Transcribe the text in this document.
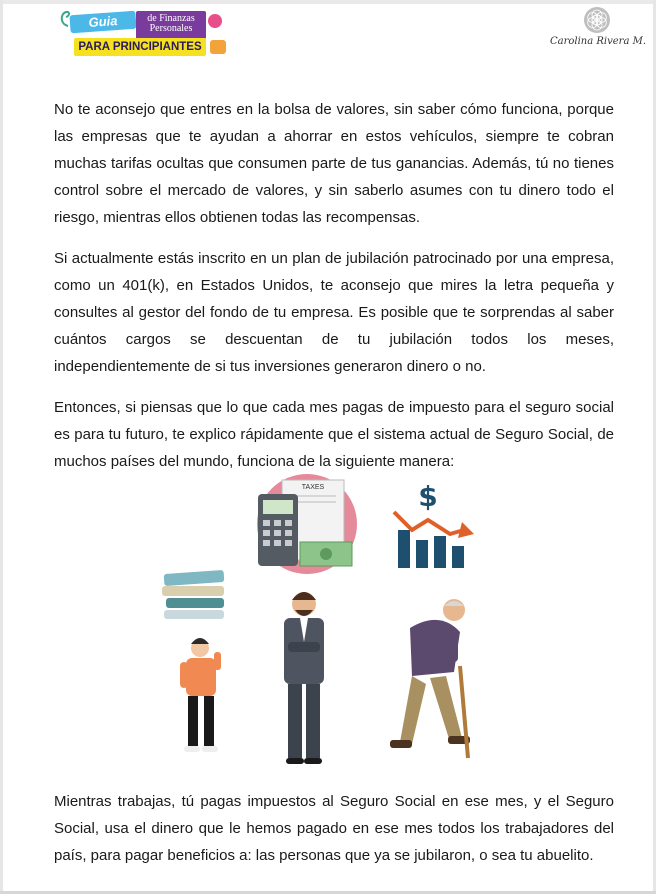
Guia	de Finanzas Personales
PARA PRINCIPIANTES	Carolina Rivera M.

No te aconsejo que entres en la bolsa de valores, sin saber cómo funciona, porque las empresas que te ayudan a ahorrar en estos vehículos, siempre te cobran muchas tarifas ocultas que consumen parte de tus ganancias. Además, tú no tienes control sobre el mercado de valores, y sin saberlo asumes con tu dinero todo el riesgo, mientras ellos obtienen todas las recompensas.

Si actualmente estás inscrito en un plan de jubilación patrocinado por una empresa, como un 401(k), en Estados Unidos, te aconsejo que mires la letra pequeña y consultes al gestor del fondo de tu empresa. Es posible que te sorprendas al saber cuántos cargos se descuentan de tu jubilación todos los meses, independientemente de si tus inversiones generaron dinero o no.

Entonces, si piensas que lo que cada mes pagas de impuesto para el seguro social es para tu futuro, te explico rápidamente que el sistema actual de Seguro Social, de muchos países del mundo, funciona de la siguiente manera:

TAXES	$

Mientras trabajas, tú pagas impuestos al Seguro Social en ese mes, y el Seguro Social, usa el dinero que le hemos pagado en ese mes todos los trabajadores del país, para pagar beneficios a: las personas que ya se jubilaron, o sea tu abuelito.
